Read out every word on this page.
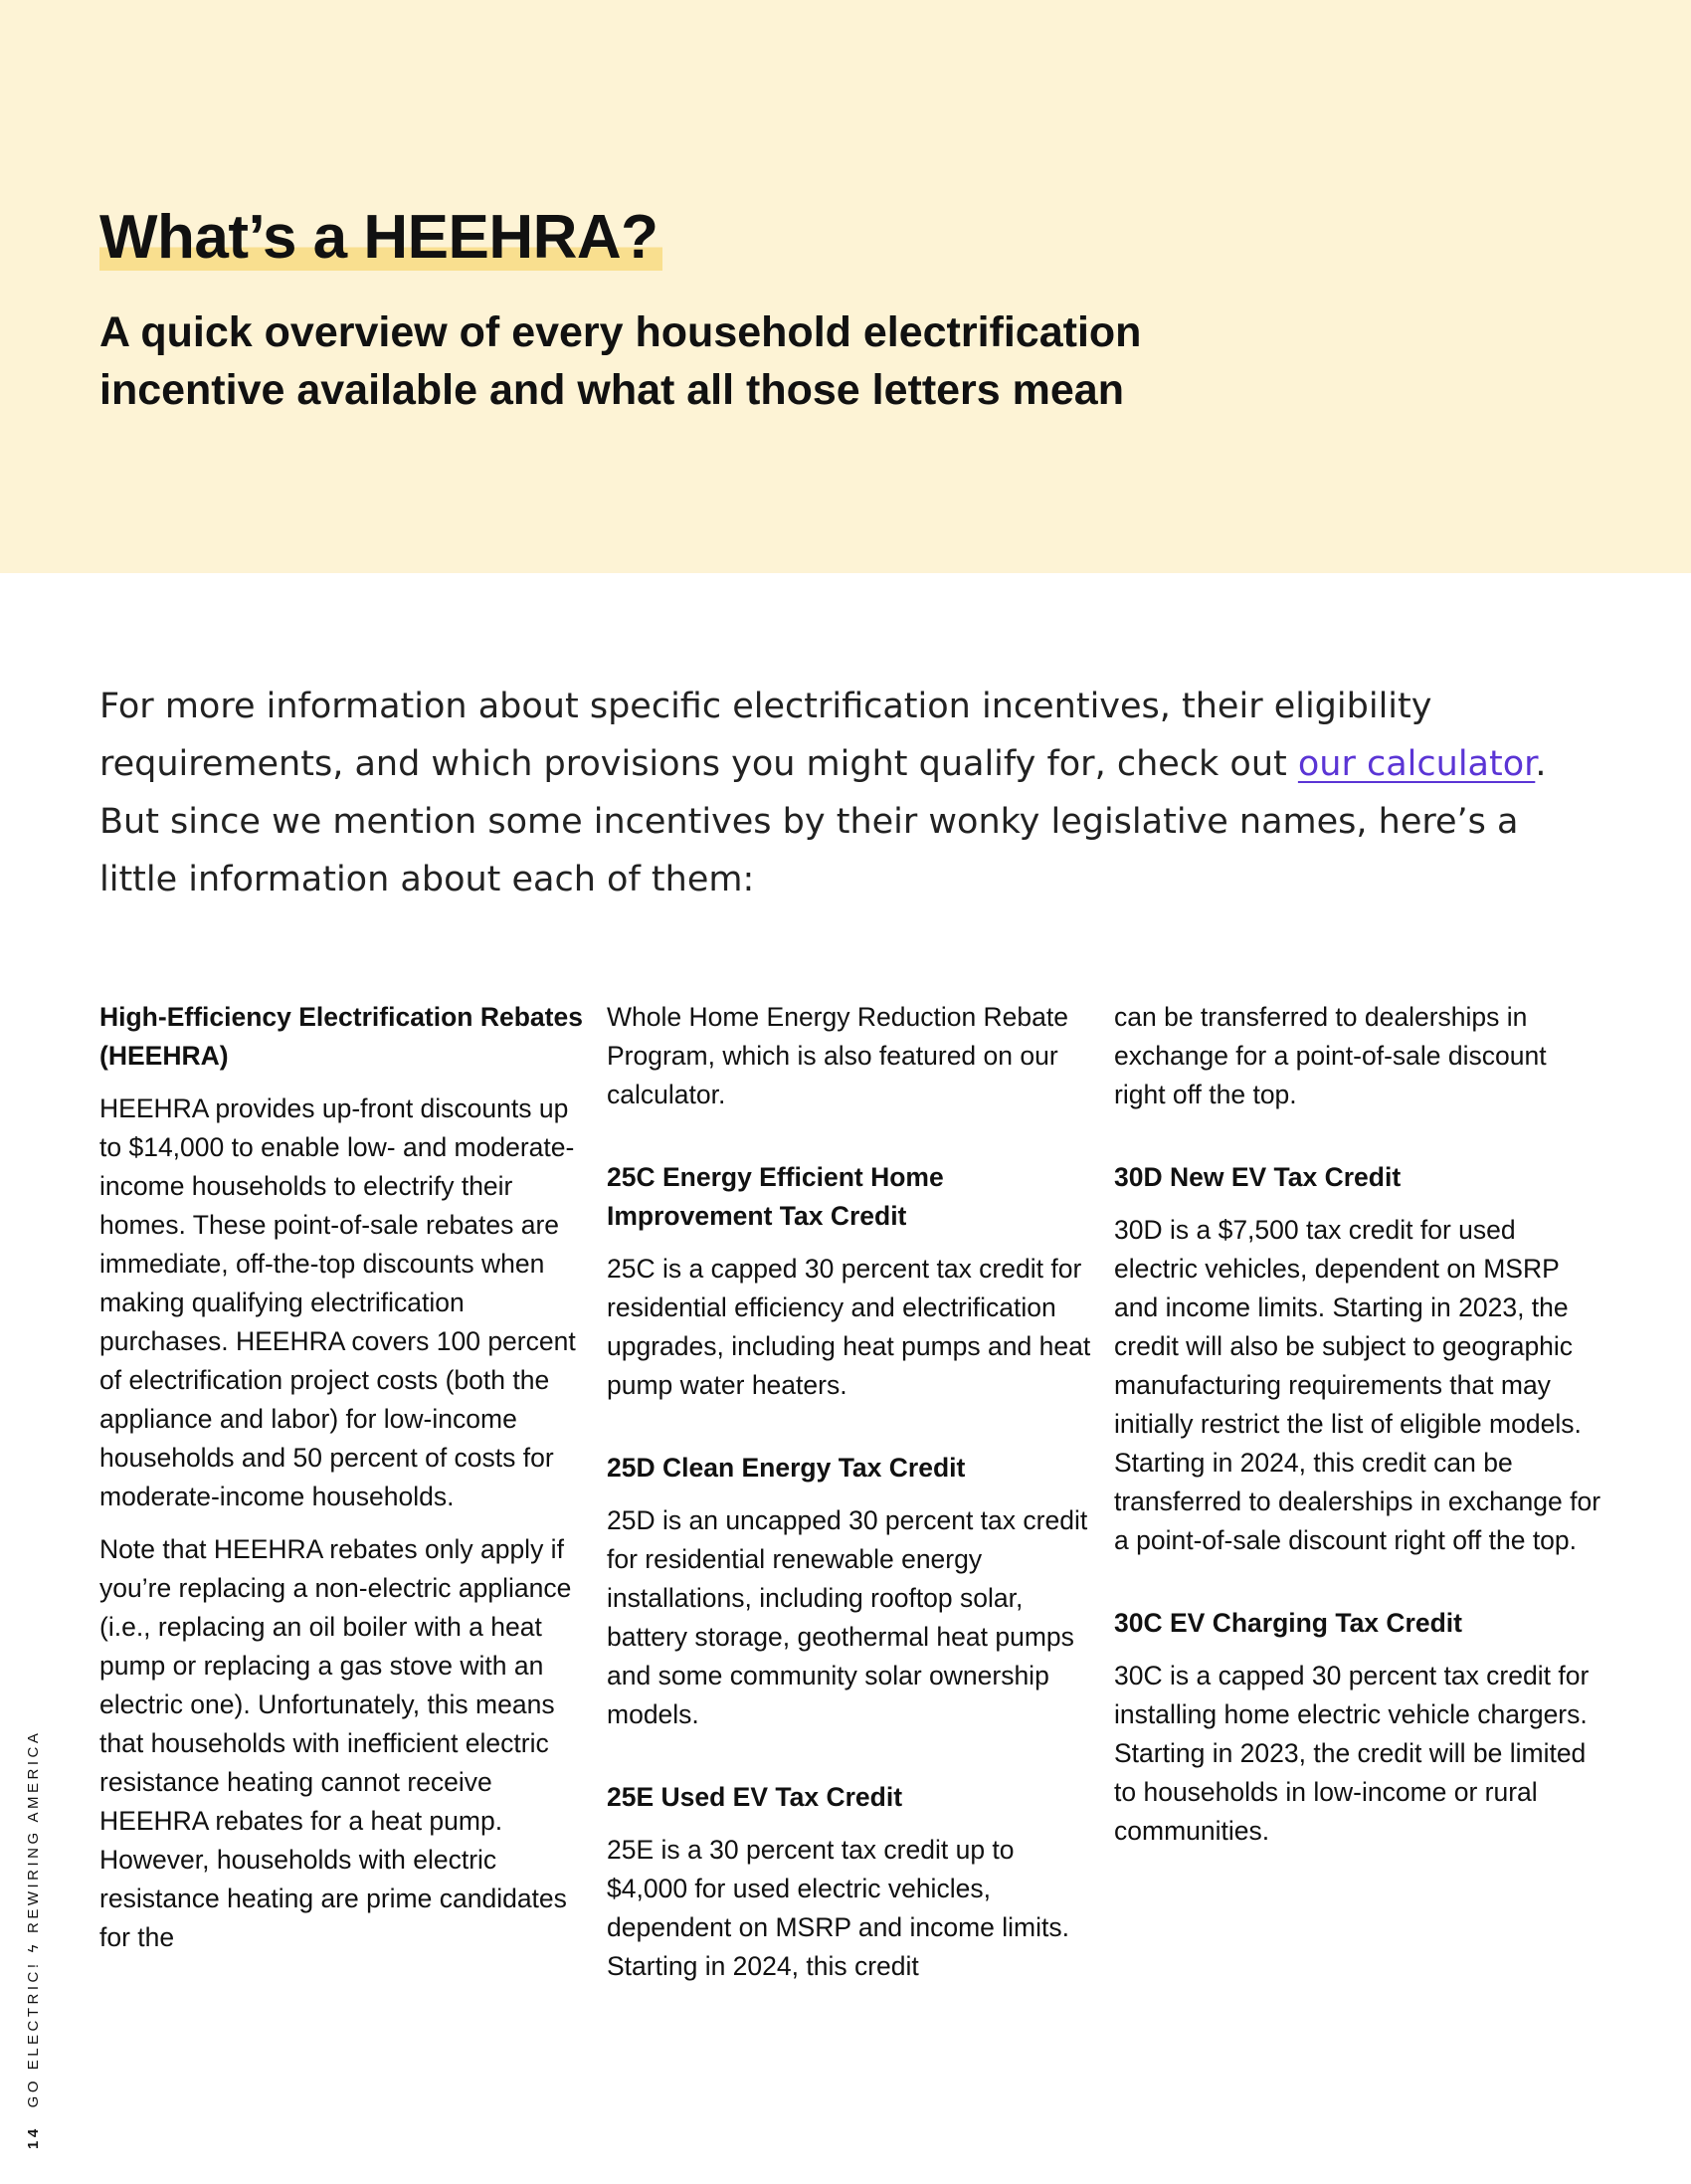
What’s a HEEHRA?
A quick overview of every household electrification incentive available and what all those letters mean

For more information about specific electrification incentives, their eligibility requirements, and which provisions you might qualify for, check out our calculator. But since we mention some incentives by their wonky legislative names, here’s a little information about each of them:

High-Efficiency Electrification Rebates (HEEHRA)

HEEHRA provides up-front discounts up to $14,000 to enable low- and moderate-income households to electrify their homes. These point-of-sale rebates are immediate, off-the-top discounts when making qualifying electrification purchases. HEEHRA covers 100 percent of electrification project costs (both the appliance and labor) for low-income households and 50 percent of costs for moderate-income households.

Note that HEEHRA rebates only apply if you’re replacing a non-electric appliance (i.e., replacing an oil boiler with a heat pump or replacing a gas stove with an electric one). Unfortunately, this means that households with inefficient electric resistance heating cannot receive HEEHRA rebates for a heat pump. However, households with electric resistance heating are prime candidates for the

Whole Home Energy Reduction Rebate Program, which is also featured on our calculator.

25C Energy Efficient Home Improvement Tax Credit

25C is a capped 30 percent tax credit for residential efficiency and electrification upgrades, including heat pumps and heat pump water heaters.

25D Clean Energy Tax Credit

25D is an uncapped 30 percent tax credit for residential renewable energy installations, including rooftop solar, battery storage, geothermal heat pumps and some community solar ownership models.

25E Used EV Tax Credit

25E is a 30 percent tax credit up to $4,000 for used electric vehicles, dependent on MSRP and income limits. Starting in 2024, this credit

can be transferred to dealerships in exchange for a point-of-sale discount right off the top.

30D New EV Tax Credit

30D is a $7,500 tax credit for used electric vehicles, dependent on MSRP and income limits. Starting in 2023, the credit will also be subject to geographic manufacturing requirements that may initially restrict the list of eligible models. Starting in 2024, this credit can be transferred to dealerships in exchange for a point-of-sale discount right off the top.

30C EV Charging Tax Credit

30C is a capped 30 percent tax credit for installing home electric vehicle chargers. Starting in 2023, the credit will be limited to households in low-income or rural communities.

14GO ELECTRIC!ϟREWIRING AMERICA
